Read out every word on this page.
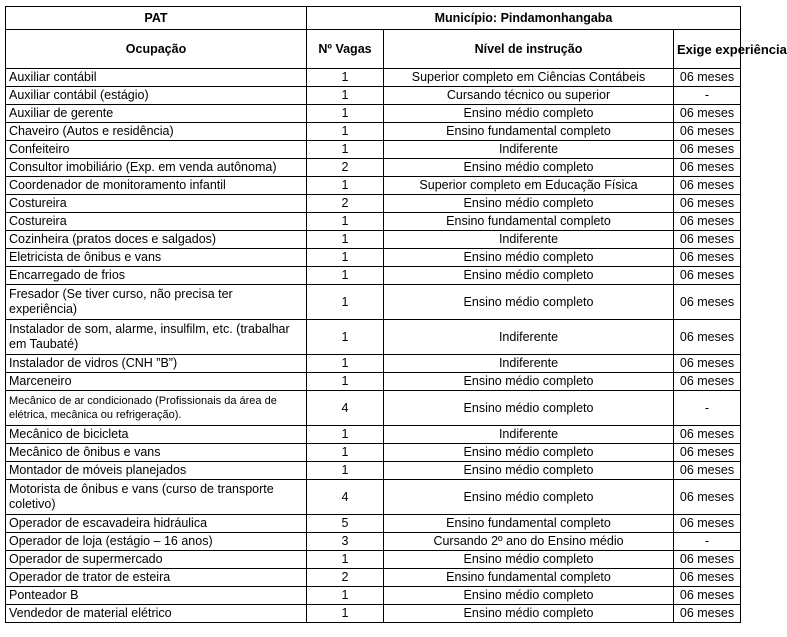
PAT	Município: Pindamonhangaba		
Ocupação	Nº Vagas	Nível de instrução	Exige experiência
Auxiliar contábil	1	Superior completo em Ciências Contábeis	06 meses
Auxiliar contábil (estágio)	1	Cursando técnico ou superior	-
Auxiliar de gerente	1	Ensino médio completo	06 meses
Chaveiro (Autos e residência)	1	Ensino fundamental completo	06 meses
Confeiteiro	1	Indiferente	06 meses
Consultor imobiliário (Exp. em venda autônoma)	2	Ensino médio completo	06 meses
Coordenador de monitoramento infantil	1	Superior completo em Educação Física	06 meses
Costureira	2	Ensino médio completo	06 meses
Costureira	1	Ensino fundamental completo	06 meses
Cozinheira (pratos doces e salgados)	1	Indiferente	06 meses
Eletricista de ônibus e vans	1	Ensino médio completo	06 meses
Encarregado de frios	1	Ensino médio completo	06 meses
Fresador (Se tiver curso, não precisa ter experiência)	1	Ensino médio completo	06 meses
Instalador de som, alarme, insulfilm, etc. (trabalhar em Taubaté)	1	Indiferente	06 meses
Instalador de vidros (CNH ”B”)	1	Indiferente	06 meses
Marceneiro	1	Ensino médio completo	06 meses
Mecânico de ar condicionado (Profissionais da área de elétrica, mecânica ou refrigeração).	4	Ensino médio completo	-
Mecânico de bicicleta	1	Indiferente	06 meses
Mecânico de ônibus e vans	1	Ensino médio completo	06 meses
Montador de móveis planejados	1	Ensino médio completo	06 meses
Motorista de ônibus e vans (curso de transporte coletivo)	4	Ensino médio completo	06 meses
Operador de escavadeira hidráulica	5	Ensino fundamental completo	06 meses
Operador de loja (estágio – 16 anos)	3	Cursando 2º ano do Ensino médio	-
Operador de supermercado	1	Ensino médio completo	06 meses
Operador de trator de esteira	2	Ensino fundamental completo	06 meses
Ponteador B	1	Ensino médio completo	06 meses
Vendedor de material elétrico	1	Ensino médio completo	06 meses
